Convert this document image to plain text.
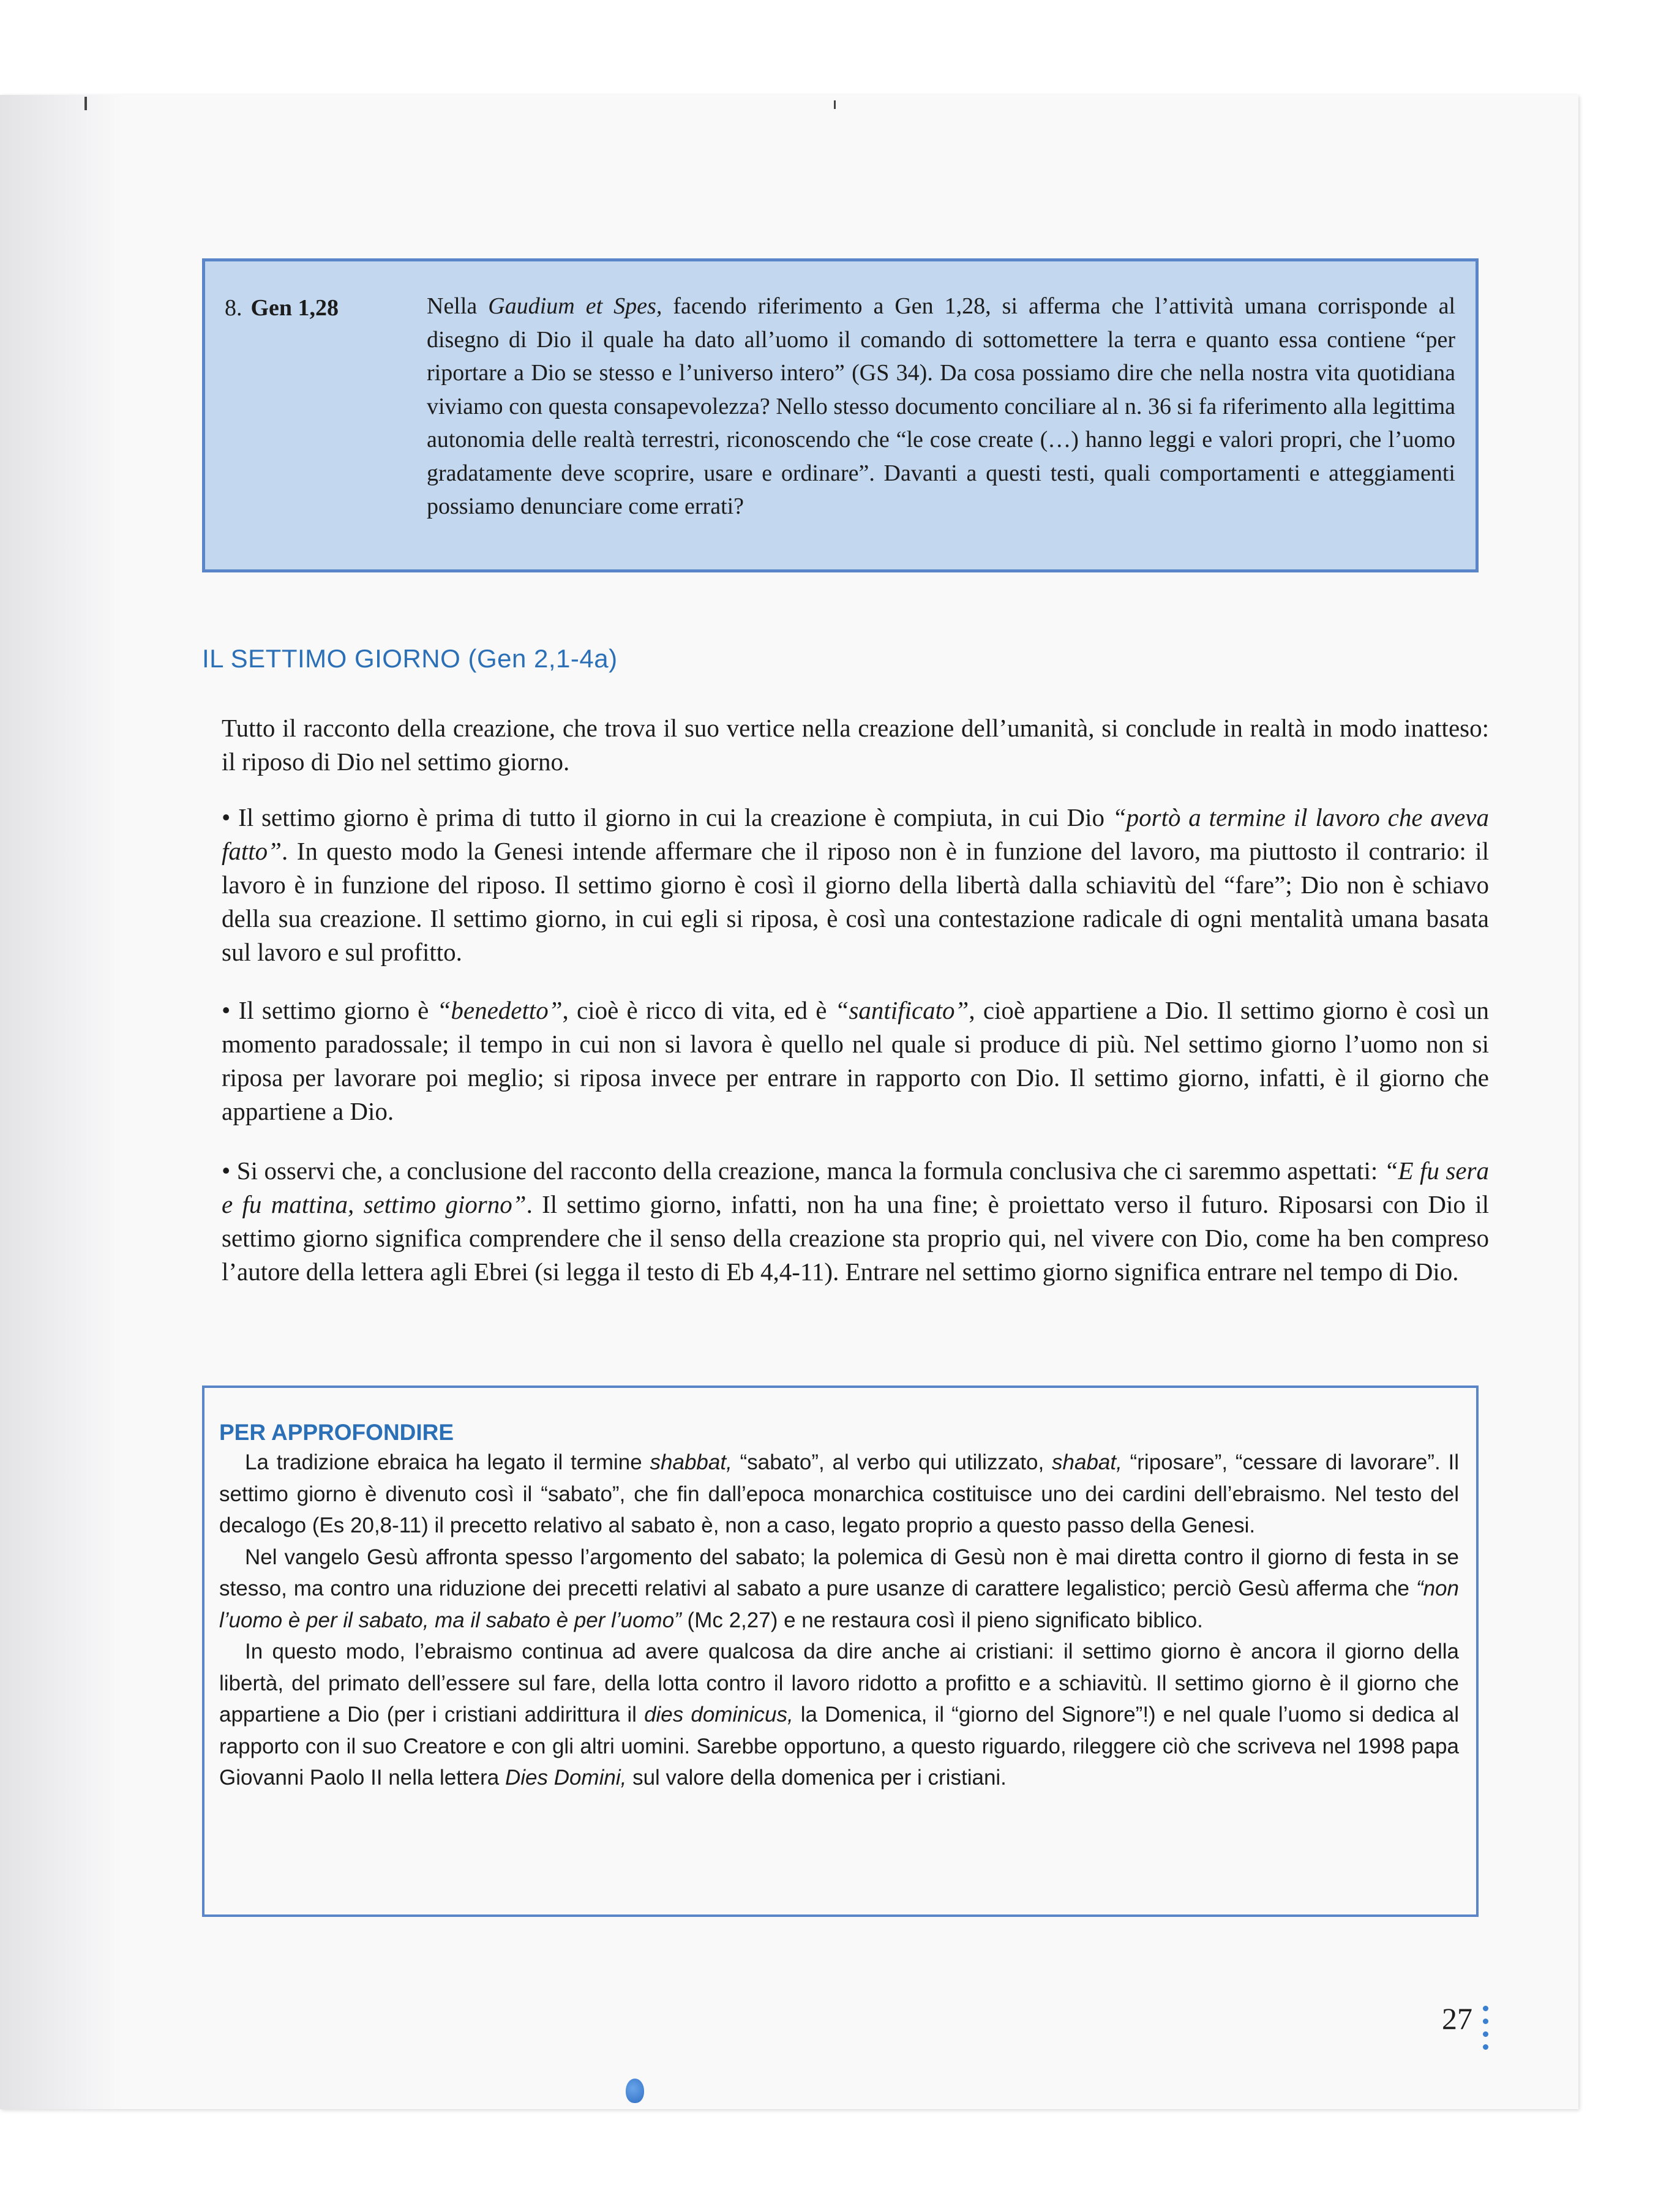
8. Gen 1,28	Nella Gaudium et Spes, facendo riferimento a Gen 1,28, si afferma che l’attività umana corrisponde al disegno di Dio il quale ha dato all’uomo il comando di sottomettere la terra e quanto essa contiene “per riportare a Dio se stesso e l’universo intero” (GS 34). Da cosa possiamo dire che nella nostra vita quotidiana viviamo con questa consapevolezza? Nello stesso documento conciliare al n. 36 si fa riferimento alla legittima autonomia delle realtà terrestri, riconoscendo che “le cose create (…) hanno leggi e valori propri, che l’uomo gradatamente deve scoprire, usare e ordinare”. Davanti a questi testi, quali comportamenti e atteggiamenti possiamo denunciare come errati?
IL SETTIMO GIORNO (Gen 2,1-4a)

Tutto il racconto della creazione, che trova il suo vertice nella creazione dell’umanità, si conclude in realtà in modo inatteso: il riposo di Dio nel settimo giorno.

• Il settimo giorno è prima di tutto il giorno in cui la creazione è compiuta, in cui Dio “portò a termine il lavoro che aveva fatto”. In questo modo la Genesi intende affermare che il riposo non è in funzione del lavoro, ma piuttosto il contrario: il lavoro è in funzione del riposo. Il settimo giorno è così il giorno della libertà dalla schiavitù del “fare”; Dio non è schiavo della sua creazione. Il settimo giorno, in cui egli si riposa, è così una contestazione radicale di ogni mentalità umana basata sul lavoro e sul profitto.

• Il settimo giorno è “benedetto”, cioè è ricco di vita, ed è “santificato”, cioè appartiene a Dio. Il settimo giorno è così un momento paradossale; il tempo in cui non si lavora è quello nel quale si produce di più. Nel settimo giorno l’uomo non si riposa per lavorare poi meglio; si riposa invece per entrare in rapporto con Dio. Il settimo giorno, infatti, è il giorno che appartiene a Dio.

• Si osservi che, a conclusione del racconto della creazione, manca la formula conclusiva che ci saremmo aspettati: “E fu sera e fu mattina, settimo giorno”. Il settimo giorno, infatti, non ha una fine; è proiettato verso il futuro. Riposarsi con Dio il settimo giorno significa comprendere che il senso della creazione sta proprio qui, nel vivere con Dio, come ha ben compreso l’autore della lettera agli Ebrei (si legga il testo di Eb 4,4-11). Entrare nel settimo giorno significa entrare nel tempo di Dio.

PER APPROFONDIRE

La tradizione ebraica ha legato il termine shabbat, “sabato”, al verbo qui utilizzato, shabat, “riposare”, “cessare di lavorare”. Il settimo giorno è divenuto così il “sabato”, che fin dall’epoca monarchica costituisce uno dei cardini dell’ebraismo. Nel testo del decalogo (Es 20,8-11) il precetto relativo al sabato è, non a caso, legato proprio a questo passo della Genesi.

Nel vangelo Gesù affronta spesso l’argomento del sabato; la polemica di Gesù non è mai diretta contro il giorno di festa in se stesso, ma contro una riduzione dei precetti relativi al sabato a pure usanze di carattere legalistico; perciò Gesù afferma che “non l’uomo è per il sabato, ma il sabato è per l’uomo” (Mc 2,27) e ne restaura così il pieno significato biblico.

In questo modo, l’ebraismo continua ad avere qualcosa da dire anche ai cristiani: il settimo giorno è ancora il giorno della libertà, del primato dell’essere sul fare, della lotta contro il lavoro ridotto a profitto e a schiavitù. Il settimo giorno è il giorno che appartiene a Dio (per i cristiani addirittura il dies dominicus, la Domenica, il “giorno del Signore”!) e nel quale l’uomo si dedica al rapporto con il suo Creatore e con gli altri uomini. Sarebbe opportuno, a questo riguardo, rileggere ciò che scriveva nel 1998 papa Giovanni Paolo II nella lettera Dies Domini, sul valore della domenica per i cristiani.

27
